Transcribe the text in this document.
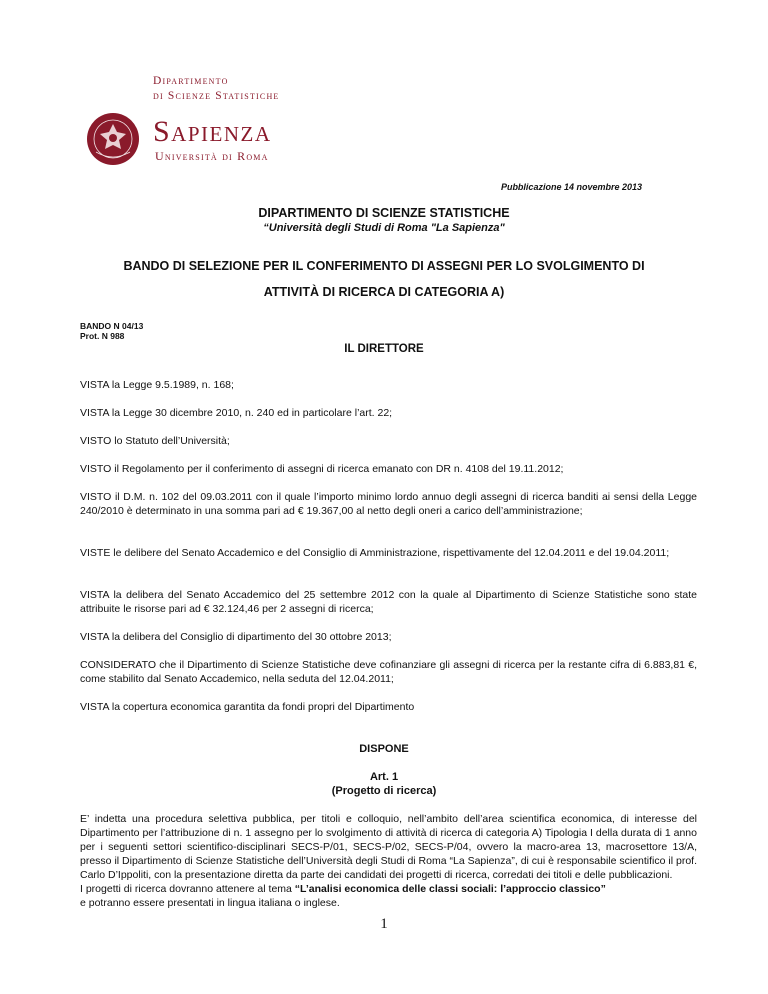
Dipartimento
di Scienze Statistiche
Sapienza
Università di Roma
Pubblicazione 14 novembre 2013
DIPARTIMENTO DI SCIENZE STATISTICHE
“Università degli Studi di Roma "La Sapienza"
BANDO DI SELEZIONE PER IL CONFERIMENTO DI ASSEGNI PER LO SVOLGIMENTO DI
ATTIVITÀ DI RICERCA DI CATEGORIA A)
BANDO N 04/13
Prot. N 988
IL DIRETTORE

VISTA la Legge 9.5.1989, n. 168;

VISTA la Legge 30 dicembre 2010, n. 240 ed in particolare l’art. 22;

VISTO lo Statuto dell’Università;

VISTO il Regolamento per il conferimento di assegni di ricerca emanato con DR n. 4108 del 19.11.2012;

VISTO il D.M. n. 102 del 09.03.2011 con il quale l’importo minimo lordo annuo degli assegni di ricerca banditi ai sensi della Legge 240/2010 è determinato in una somma pari ad € 19.367,00 al netto degli oneri a carico dell’amministrazione;

VISTE le delibere del Senato Accademico e del Consiglio di Amministrazione, rispettivamente del 12.04.2011 e del 19.04.2011;

VISTA la delibera del Senato Accademico del 25 settembre 2012 con la quale al Dipartimento di Scienze Statistiche sono state attribuite le risorse pari ad € 32.124,46 per 2 assegni di ricerca;

VISTA la delibera del Consiglio di dipartimento del 30 ottobre 2013;

CONSIDERATO che il Dipartimento di Scienze Statistiche deve cofinanziare gli assegni di ricerca per la restante cifra di 6.883,81 €, come stabilito dal Senato Accademico, nella seduta del 12.04.2011;

VISTA la copertura economica garantita da fondi propri del Dipartimento

DISPONE
Art. 1
(Progetto di ricerca)

E’ indetta una procedura selettiva pubblica, per titoli e colloquio, nell’ambito dell’area scientifica economica, di interesse del Dipartimento per l’attribuzione di n. 1 assegno per lo svolgimento di attività di ricerca di categoria A) Tipologia I della durata di 1 anno per i seguenti settori scientifico-disciplinari SECS-P/01, SECS-P/02, SECS-P/04, ovvero la macro-area 13, macrosettore 13/A, presso il Dipartimento di Scienze Statistiche dell’Università degli Studi di Roma “La Sapienza”, di cui è responsabile scientifico il prof. Carlo D’Ippoliti, con la presentazione diretta da parte dei candidati dei progetti di ricerca, corredati dei titoli e delle pubblicazioni.

I progetti di ricerca dovranno attenere al tema “L’analisi economica delle classi sociali: l’approccio classico”

e potranno essere presentati in lingua italiana o inglese.

1
